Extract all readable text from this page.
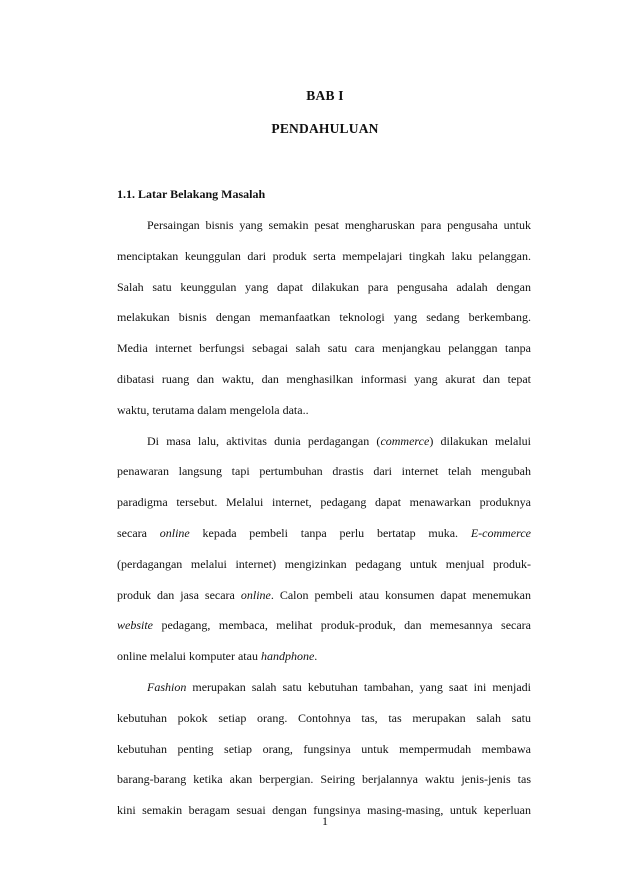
BAB I
PENDAHULUAN
1.1. Latar Belakang Masalah
Persaingan bisnis yang semakin pesat mengharuskan para pengusaha untuk
menciptakan keunggulan dari produk serta mempelajari tingkah laku pelanggan.
Salah satu keunggulan yang dapat dilakukan para pengusaha adalah dengan
melakukan bisnis dengan memanfaatkan teknologi yang sedang berkembang.
Media internet berfungsi sebagai salah satu cara menjangkau pelanggan tanpa
dibatasi ruang dan waktu, dan menghasilkan informasi yang akurat dan tepat
waktu, terutama dalam mengelola data..
Di masa lalu, aktivitas dunia perdagangan (commerce) dilakukan melalui
penawaran langsung tapi pertumbuhan drastis dari internet telah mengubah
paradigma tersebut. Melalui internet, pedagang dapat menawarkan produknya
secara online kepada pembeli tanpa perlu bertatap muka. E-commerce
(perdagangan melalui internet) mengizinkan pedagang untuk menjual produk-
produk dan jasa secara online. Calon pembeli atau konsumen dapat menemukan
website pedagang, membaca, melihat produk-produk, dan memesannya secara
online melalui komputer atau handphone.
Fashion merupakan salah satu kebutuhan tambahan, yang saat ini menjadi
kebutuhan pokok setiap orang. Contohnya tas, tas merupakan salah satu
kebutuhan penting setiap orang, fungsinya untuk mempermudah membawa
barang-barang ketika akan berpergian. Seiring berjalannya waktu jenis-jenis tas
kini semakin beragam sesuai dengan fungsinya masing-masing, untuk keperluan
1
